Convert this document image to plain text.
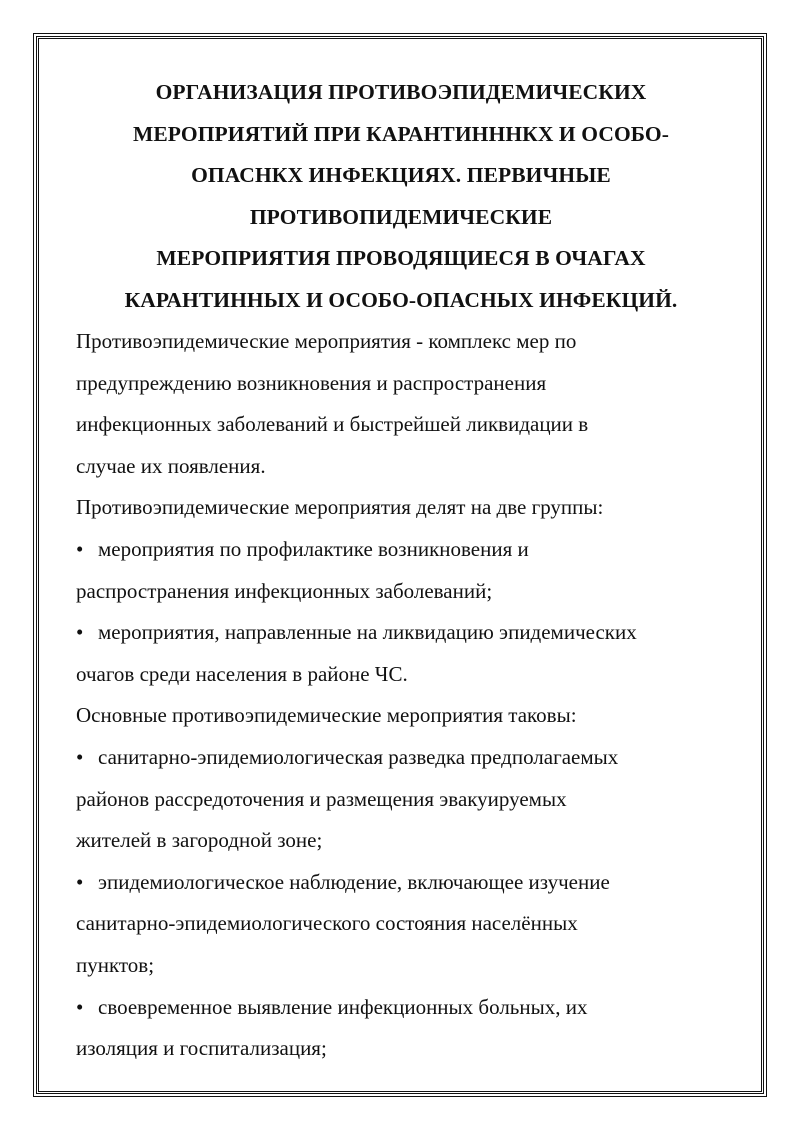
ОРГАНИЗАЦИЯ ПРОТИВОЭПИДЕМИЧЕСКИХ
МЕРОПРИЯТИЙ ПРИ КАРАНТИНННКХ И ОСОБО-
ОПАСНКХ ИНФЕКЦИЯХ. ПЕРВИЧНЫЕ
ПРОТИВОПИДЕМИЧЕСКИЕ
МЕРОПРИЯТИЯ ПРОВОДЯЩИЕСЯ В ОЧАГАХ
КАРАНТИННЫХ И ОСОБО-ОПАСНЫХ ИНФЕКЦИЙ.

Противоэпидемические мероприятия - комплекс мер по
предупреждению возникновения и распространения
инфекционных заболеваний и быстрейшей ликвидации в
случае их появления.

Противоэпидемические мероприятия делят на две группы:

• мероприятия по профилактике возникновения и
распространения инфекционных заболеваний;
• мероприятия, направленные на ликвидацию эпидемических
очагов среди населения в районе ЧС.

Основные противоэпидемические мероприятия таковы:

• санитарно-эпидемиологическая разведка предполагаемых
районов рассредоточения и размещения эвакуируемых
жителей в загородной зоне;
• эпидемиологическое наблюдение, включающее изучение
санитарно-эпидемиологического состояния населённых
пунктов;
• своевременное выявление инфекционных больных, их
изоляция и госпитализация;
